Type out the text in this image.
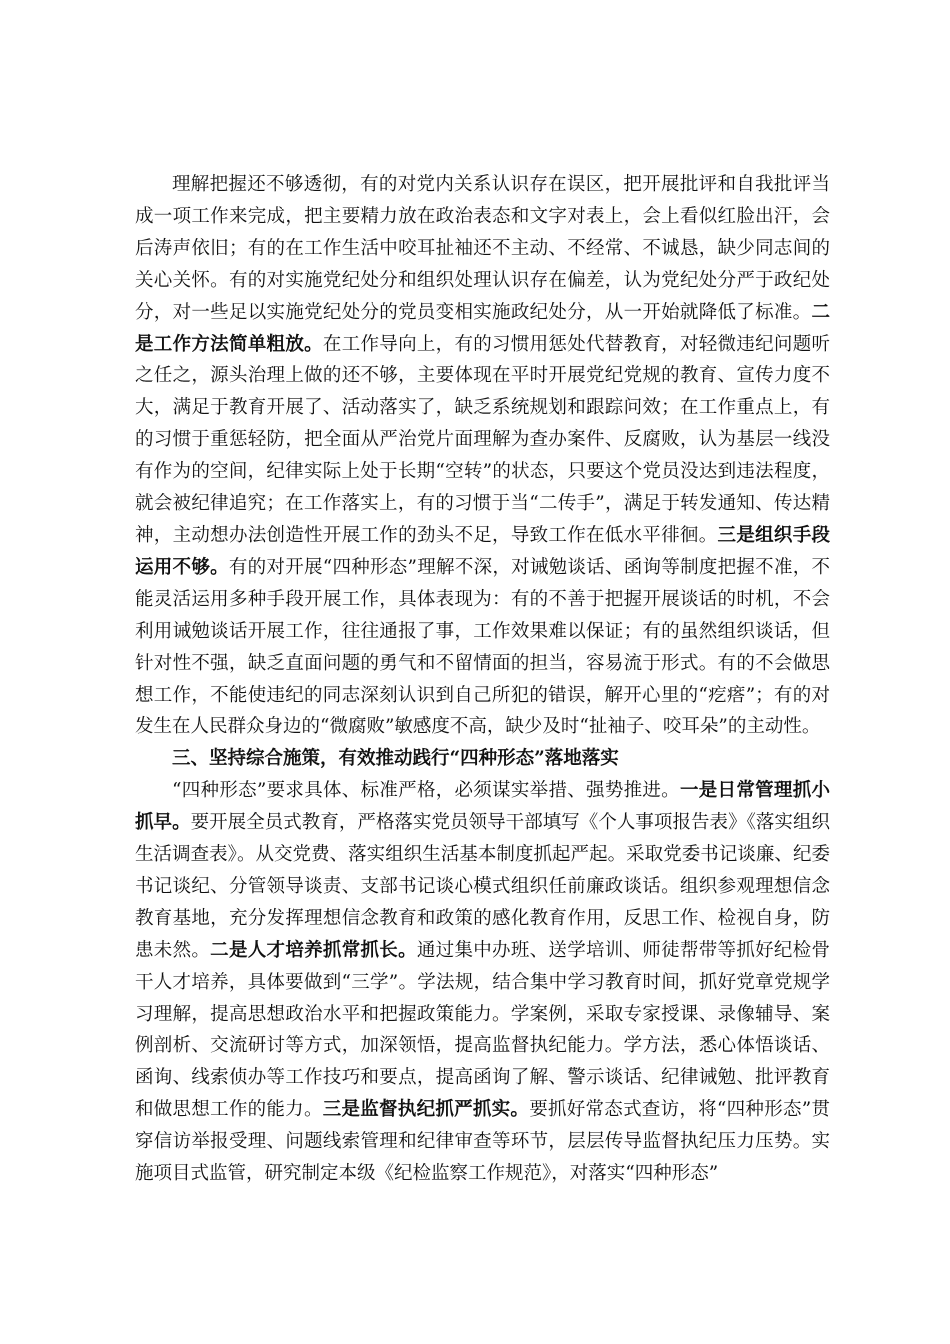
理解把握还不够透彻，有的对党内关系认识存在误区，把开展批评和自我批评当成一项工作来完成，把主要精力放在政治表态和文字对表上，会上看似红脸出汗，会后涛声依旧；有的在工作生活中咬耳扯袖还不主动、不经常、不诚恳，缺少同志间的关心关怀。有的对实施党纪处分和组织处理认识存在偏差，认为党纪处分严于政纪处分，对一些足以实施党纪处分的党员变相实施政纪处分，从一开始就降低了标准。二是工作方法简单粗放。在工作导向上，有的习惯用惩处代替教育，对轻微违纪问题听之任之，源头治理上做的还不够，主要体现在平时开展党纪党规的教育、宣传力度不大，满足于教育开展了、活动落实了，缺乏系统规划和跟踪问效；在工作重点上，有的习惯于重惩轻防，把全面从严治党片面理解为查办案件、反腐败，认为基层一线没有作为的空间，纪律实际上处于长期“空转”的状态，只要这个党员没达到违法程度，就会被纪律追究；在工作落实上，有的习惯于当“二传手”，满足于转发通知、传达精神，主动想办法创造性开展工作的劲头不足，导致工作在低水平徘徊。三是组织手段运用不够。有的对开展“四种形态”理解不深，对诫勉谈话、函询等制度把握不准，不能灵活运用多种手段开展工作，具体表现为：有的不善于把握开展谈话的时机，不会利用诫勉谈话开展工作，往往通报了事，工作效果难以保证；有的虽然组织谈话，但针对性不强，缺乏直面问题的勇气和不留情面的担当，容易流于形式。有的不会做思想工作，不能使违纪的同志深刻认识到自己所犯的错误，解开心里的“疙瘩”；有的对发生在人民群众身边的“微腐败”敏感度不高，缺少及时“扯袖子、咬耳朵”的主动性。

三、坚持综合施策，有效推动践行“四种形态”落地落实

“四种形态”要求具体、标准严格，必须谋实举措、强势推进。一是日常管理抓小抓早。要开展全员式教育，严格落实党员领导干部填写《个人事项报告表》《落实组织生活调查表》。从交党费、落实组织生活基本制度抓起严起。采取党委书记谈廉、纪委书记谈纪、分管领导谈责、支部书记谈心模式组织任前廉政谈话。组织参观理想信念教育基地，充分发挥理想信念教育和政策的感化教育作用，反思工作、检视自身，防患未然。二是人才培养抓常抓长。通过集中办班、送学培训、师徒帮带等抓好纪检骨干人才培养，具体要做到“三学”。学法规，结合集中学习教育时间，抓好党章党规学习理解，提高思想政治水平和把握政策能力。学案例，采取专家授课、录像辅导、案例剖析、交流研讨等方式，加深领悟，提高监督执纪能力。学方法，悉心体悟谈话、函询、线索侦办等工作技巧和要点，提高函询了解、警示谈话、纪律诫勉、批评教育和做思想工作的能力。三是监督执纪抓严抓实。要抓好常态式查访，将“四种形态”贯穿信访举报受理、问题线索管理和纪律审查等环节，层层传导监督执纪压力压势。实施项目式监管，研究制定本级《纪检监察工作规范》，对落实“四种形态”
